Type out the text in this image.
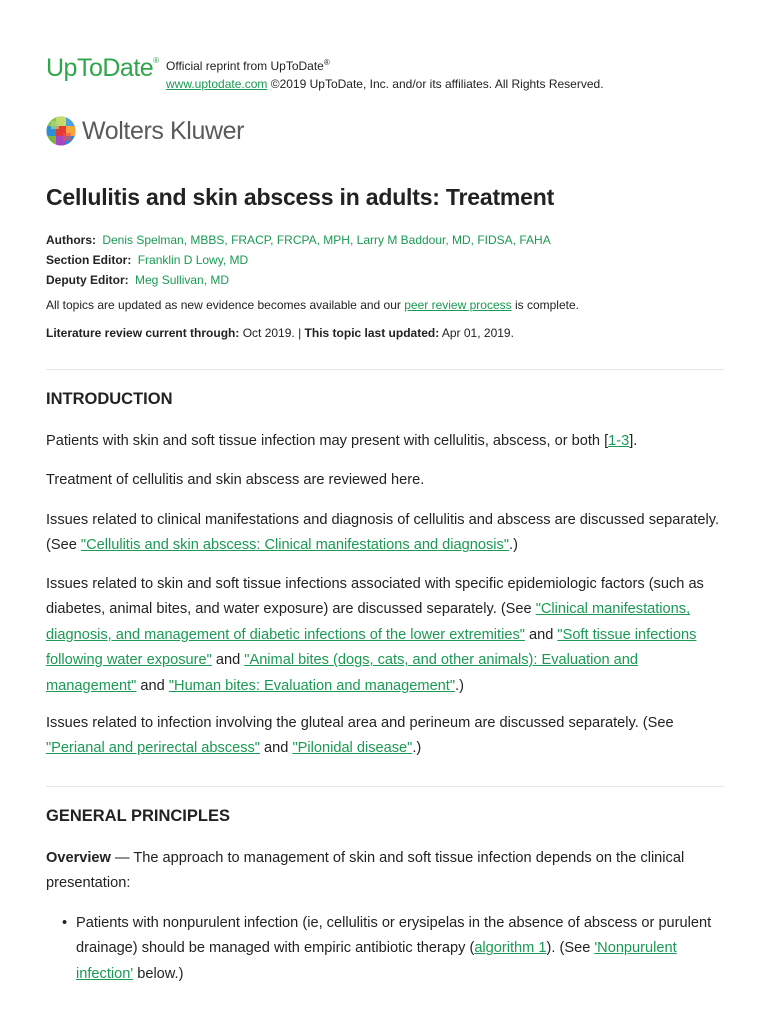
UpToDate® Official reprint from UpToDate®
www.uptodate.com ©2019 UpToDate, Inc. and/or its affiliates. All Rights Reserved.
Wolters Kluwer
Cellulitis and skin abscess in adults: Treatment
Authors: Denis Spelman, MBBS, FRACP, FRCPA, MPH, Larry M Baddour, MD, FIDSA, FAHA
Section Editor: Franklin D Lowy, MD
Deputy Editor: Meg Sullivan, MD
All topics are updated as new evidence becomes available and our peer review process is complete.
Literature review current through: Oct 2019. | This topic last updated: Apr 01, 2019.
INTRODUCTION

Patients with skin and soft tissue infection may present with cellulitis, abscess, or both [1-3].

Treatment of cellulitis and skin abscess are reviewed here.

Issues related to clinical manifestations and diagnosis of cellulitis and abscess are discussed separately. (See "Cellulitis and skin abscess: Clinical manifestations and diagnosis".)

Issues related to skin and soft tissue infections associated with specific epidemiologic factors (such as diabetes, animal bites, and water exposure) are discussed separately. (See "Clinical manifestations, diagnosis, and management of diabetic infections of the lower extremities" and "Soft tissue infections following water exposure" and "Animal bites (dogs, cats, and other animals): Evaluation and management" and "Human bites: Evaluation and management".)

Issues related to infection involving the gluteal area and perineum are discussed separately. (See "Perianal and perirectal abscess" and "Pilonidal disease".)

GENERAL PRINCIPLES

Overview — The approach to management of skin and soft tissue infection depends on the clinical presentation:

• Patients with nonpurulent infection (ie, cellulitis or erysipelas in the absence of abscess or purulent drainage) should be managed with empiric antibiotic therapy (algorithm 1). (See 'Nonpurulent infection' below.)
